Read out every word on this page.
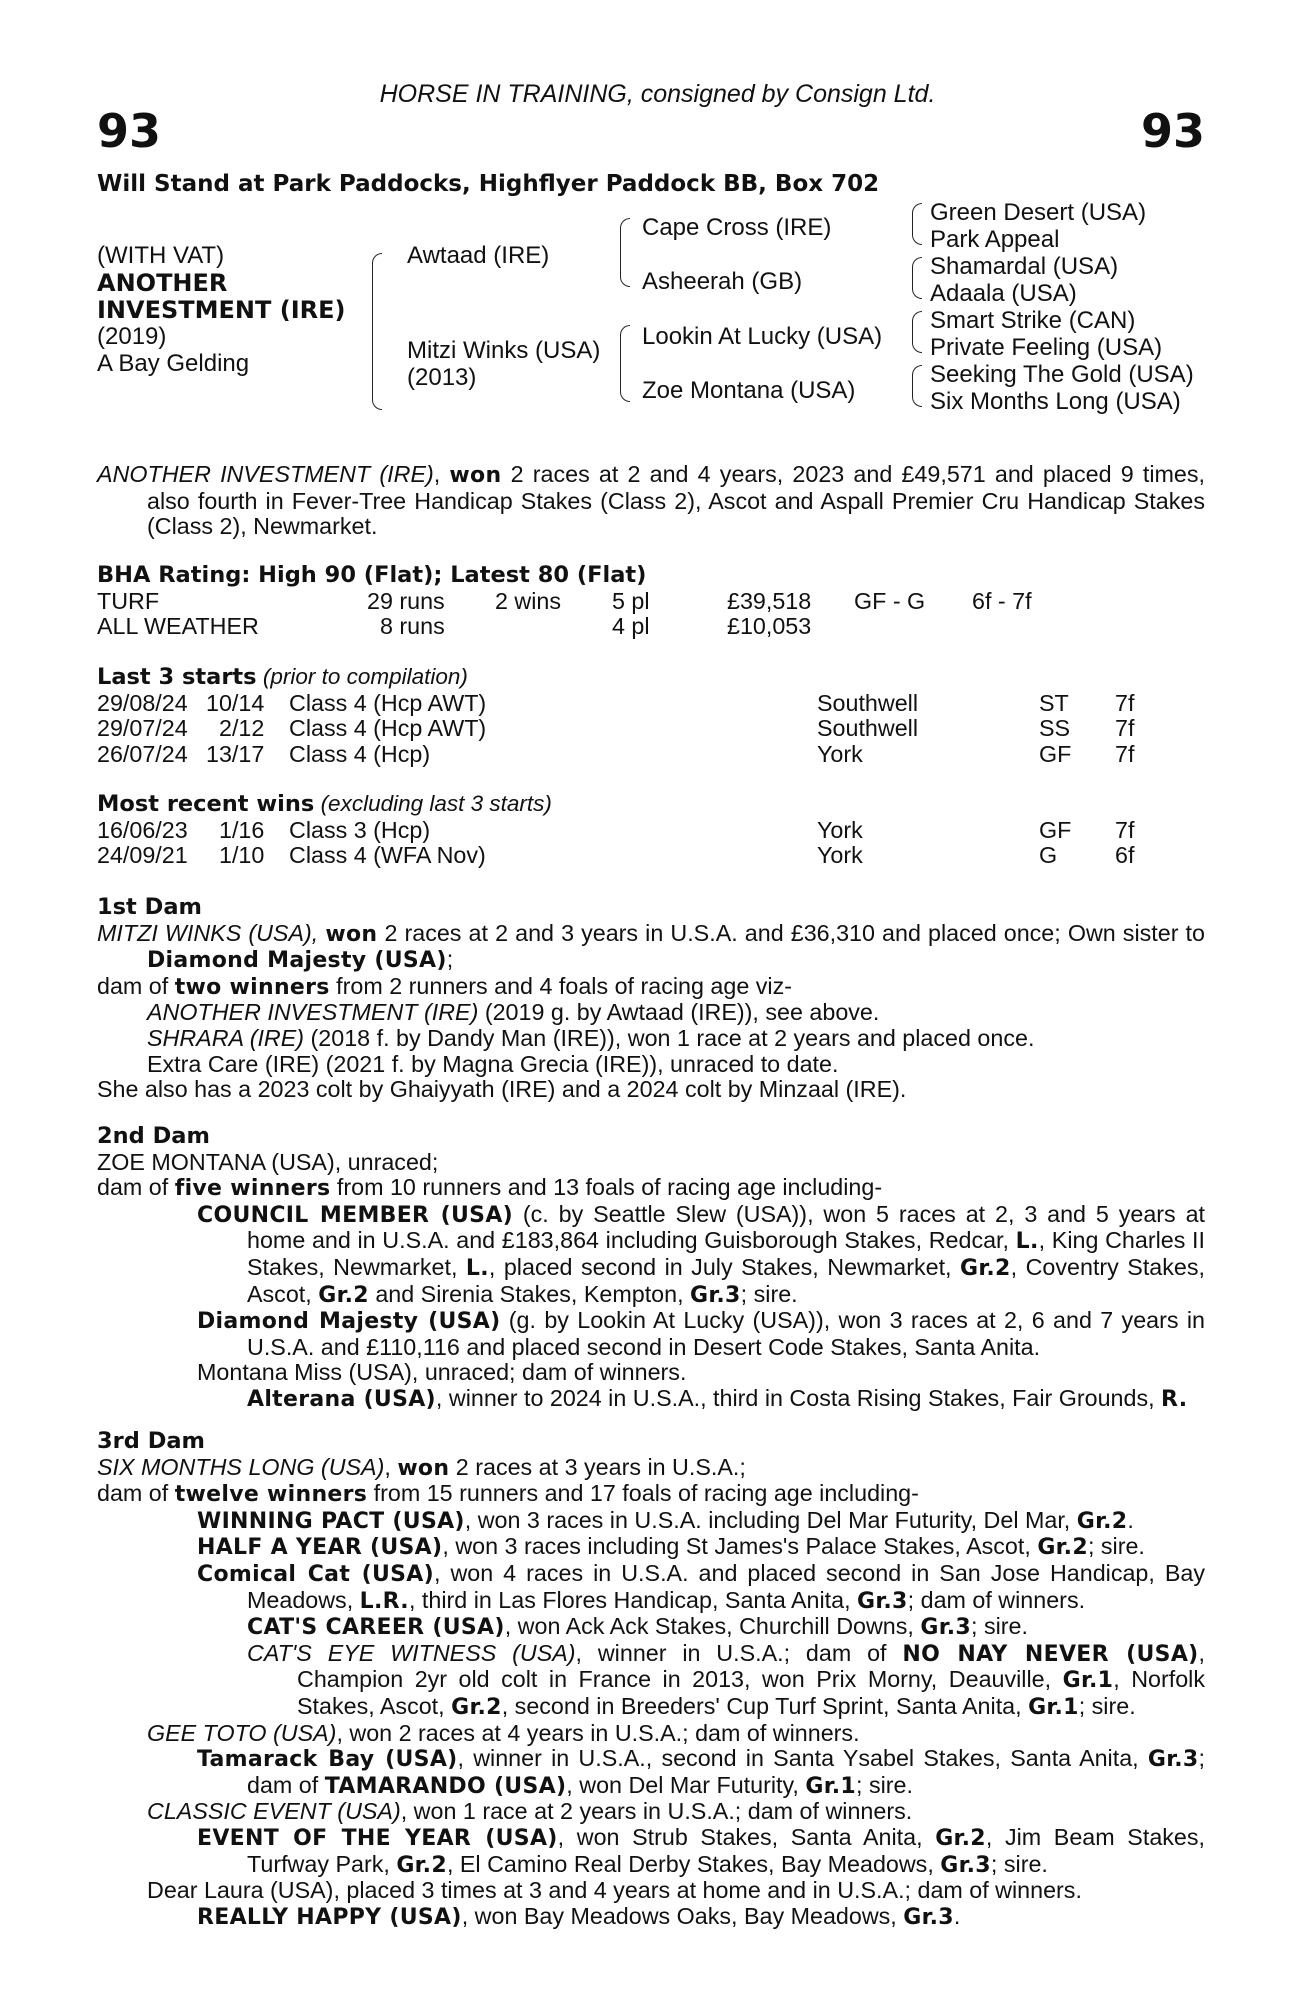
HORSE IN TRAINING, consigned by Consign Ltd.
93	93
Will Stand at Park Paddocks, Highflyer Paddock BB, Box 702
(WITH VAT)
ANOTHER
INVESTMENT (IRE)
(2019)
A Bay Gelding
Awtaad (IRE)
Mitzi Winks (USA)
(2013)
Cape Cross (IRE)
Asheerah (GB)
Lookin At Lucky (USA)
Zoe Montana (USA)
Green Desert (USA)
Park Appeal
Shamardal (USA)
Adaala (USA)
Smart Strike (CAN)
Private Feeling (USA)
Seeking The Gold (USA)
Six Months Long (USA)

ANOTHER INVESTMENT (IRE), won 2 races at 2 and 4 years, 2023 and £49,571 and placed 9 times, also fourth in Fever-Tree Handicap Stakes (Class 2), Ascot and Aspall Premier Cru Handicap Stakes (Class 2), Newmarket.

BHA Rating: High 90 (Flat); Latest 80 (Flat)
TURF	29 runs 2 wins 5 pl	£39,518 GF - G 6f - 7f
ALL WEATHER	8 runs	4 pl	£10,053
Last 3 starts (prior to compilation)
29/08/24 10/14 Class 4 (Hcp AWT)	Southwell	ST 7f
29/07/24 2/12 Class 4 (Hcp AWT)	Southwell	SS 7f
26/07/24 13/17 Class 4 (Hcp)	York	GF 7f
Most recent wins (excluding last 3 starts)
16/06/23 1/16 Class 3 (Hcp)	York	GF 7f
24/09/21 1/10 Class 4 (WFA Nov)	York	G 6f
1st Dam

MITZI WINKS (USA), won 2 races at 2 and 3 years in U.S.A. and £36,310 and placed once; Own sister to Diamond Majesty (USA);

dam of two winners from 2 runners and 4 foals of racing age viz-

ANOTHER INVESTMENT (IRE) (2019 g. by Awtaad (IRE)), see above.

SHRARA (IRE) (2018 f. by Dandy Man (IRE)), won 1 race at 2 years and placed once.

Extra Care (IRE) (2021 f. by Magna Grecia (IRE)), unraced to date.

She also has a 2023 colt by Ghaiyyath (IRE) and a 2024 colt by Minzaal (IRE).

2nd Dam

ZOE MONTANA (USA), unraced;

dam of five winners from 10 runners and 13 foals of racing age including-

COUNCIL MEMBER (USA) (c. by Seattle Slew (USA)), won 5 races at 2, 3 and 5 years at home and in U.S.A. and £183,864 including Guisborough Stakes, Redcar, L., King Charles II Stakes, Newmarket, L., placed second in July Stakes, Newmarket, Gr.2, Coventry Stakes, Ascot, Gr.2 and Sirenia Stakes, Kempton, Gr.3; sire.

Diamond Majesty (USA) (g. by Lookin At Lucky (USA)), won 3 races at 2, 6 and 7 years in U.S.A. and £110,116 and placed second in Desert Code Stakes, Santa Anita.

Montana Miss (USA), unraced; dam of winners.

Alterana (USA), winner to 2024 in U.S.A., third in Costa Rising Stakes, Fair Grounds, R.

3rd Dam

SIX MONTHS LONG (USA), won 2 races at 3 years in U.S.A.;

dam of twelve winners from 15 runners and 17 foals of racing age including-

WINNING PACT (USA), won 3 races in U.S.A. including Del Mar Futurity, Del Mar, Gr.2.

HALF A YEAR (USA), won 3 races including St James's Palace Stakes, Ascot, Gr.2; sire.

Comical Cat (USA), won 4 races in U.S.A. and placed second in San Jose Handicap, Bay Meadows, L.R., third in Las Flores Handicap, Santa Anita, Gr.3; dam of winners.

CAT'S CAREER (USA), won Ack Ack Stakes, Churchill Downs, Gr.3; sire.

CAT'S EYE WITNESS (USA), winner in U.S.A.; dam of NO NAY NEVER (USA), Champion 2yr old colt in France in 2013, won Prix Morny, Deauville, Gr.1, Norfolk Stakes, Ascot, Gr.2, second in Breeders' Cup Turf Sprint, Santa Anita, Gr.1; sire.

GEE TOTO (USA), won 2 races at 4 years in U.S.A.; dam of winners.

Tamarack Bay (USA), winner in U.S.A., second in Santa Ysabel Stakes, Santa Anita, Gr.3; dam of TAMARANDO (USA), won Del Mar Futurity, Gr.1; sire.

CLASSIC EVENT (USA), won 1 race at 2 years in U.S.A.; dam of winners.

EVENT OF THE YEAR (USA), won Strub Stakes, Santa Anita, Gr.2, Jim Beam Stakes, Turfway Park, Gr.2, El Camino Real Derby Stakes, Bay Meadows, Gr.3; sire.

Dear Laura (USA), placed 3 times at 3 and 4 years at home and in U.S.A.; dam of winners.

REALLY HAPPY (USA), won Bay Meadows Oaks, Bay Meadows, Gr.3.
